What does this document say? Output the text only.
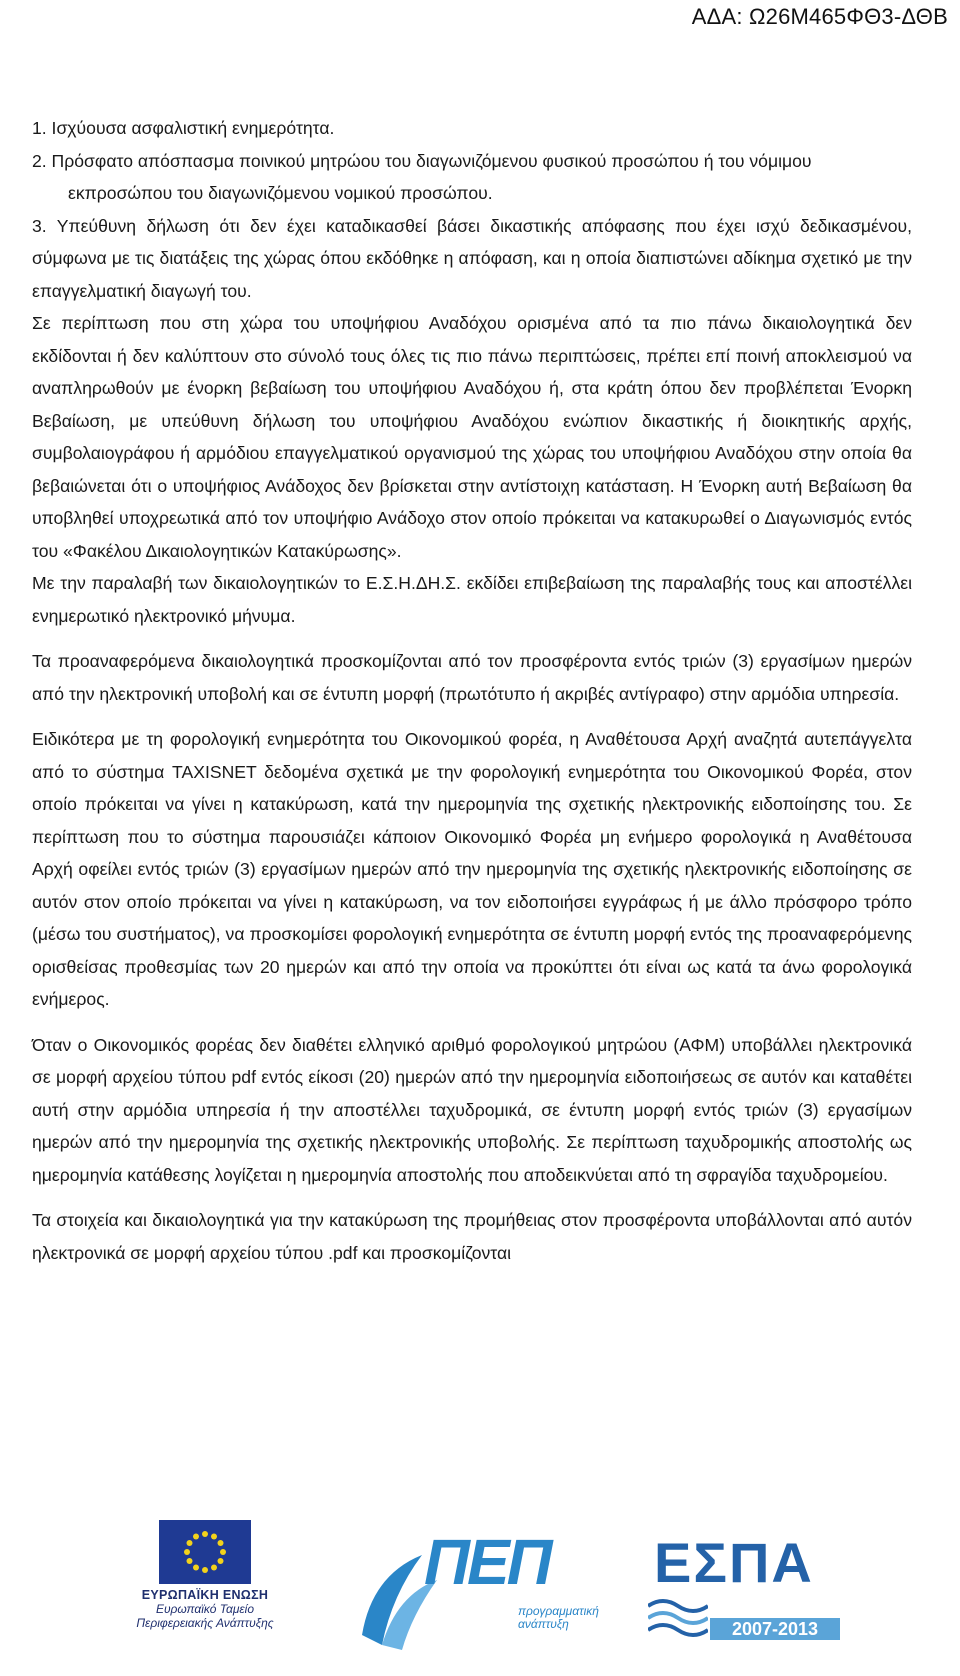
ΑΔΑ: Ω26Μ465ΦΘ3-ΔΘΒ

1. Ισχύουσα ασφαλιστική ενημερότητα.

2. Πρόσφατο απόσπασμα ποινικού μητρώου του διαγωνιζόμενου φυσικού προσώπου ή του νόμιμου εκπροσώπου του διαγωνιζόμενου νομικού προσώπου.

3. Υπεύθυνη δήλωση ότι δεν έχει καταδικασθεί βάσει δικαστικής απόφασης που έχει ισχύ δεδικασμένου, σύμφωνα με τις διατάξεις της χώρας όπου εκδόθηκε η απόφαση, και η οποία διαπιστώνει αδίκημα σχετικό με την επαγγελματική διαγωγή του.

Σε περίπτωση που στη χώρα του υποψήφιου Αναδόχου ορισμένα από τα πιο πάνω δικαιολογητικά δεν εκδίδονται ή δεν καλύπτουν στο σύνολό τους όλες τις πιο πάνω περιπτώσεις, πρέπει επί ποινή αποκλεισμού να αναπληρωθούν με ένορκη βεβαίωση του υποψήφιου Αναδόχου ή, στα κράτη όπου δεν προβλέπεται Ένορκη Βεβαίωση, με υπεύθυνη δήλωση του υποψήφιου Αναδόχου ενώπιον δικαστικής ή διοικητικής αρχής, συμβολαιογράφου ή αρμόδιου επαγγελματικού οργανισμού της χώρας του υποψήφιου Αναδόχου στην οποία θα βεβαιώνεται ότι ο υποψήφιος Ανάδοχος δεν βρίσκεται στην αντίστοιχη κατάσταση. Η Ένορκη αυτή Βεβαίωση θα υποβληθεί υποχρεωτικά από τον υποψήφιο Ανάδοχο στον οποίο πρόκειται να κατακυρωθεί ο Διαγωνισμός εντός του «Φακέλου Δικαιολογητικών Κατακύρωσης».

Με την παραλαβή των δικαιολογητικών το Ε.Σ.Η.ΔΗ.Σ. εκδίδει επιβεβαίωση της παραλαβής τους και αποστέλλει ενημερωτικό ηλεκτρονικό μήνυμα.

Τα προαναφερόμενα δικαιολογητικά προσκομίζονται από τον προσφέροντα εντός τριών (3) εργασίμων ημερών από την ηλεκτρονική υποβολή και σε έντυπη μορφή (πρωτότυπο ή ακριβές αντίγραφο) στην αρμόδια υπηρεσία.

Ειδικότερα με τη φορολογική ενημερότητα του Οικονομικού φορέα, η Αναθέτουσα Αρχή αναζητά αυτεπάγγελτα από το σύστημα TAXISNET δεδομένα σχετικά με την φορολογική ενημερότητα του Οικονομικού Φορέα, στον οποίο πρόκειται να γίνει η κατακύρωση, κατά την ημερομηνία της σχετικής ηλεκτρονικής ειδοποίησης του. Σε περίπτωση που το σύστημα παρουσιάζει κάποιον Οικονομικό Φορέα μη ενήμερο φορολογικά η Αναθέτουσα Αρχή οφείλει εντός τριών (3) εργασίμων ημερών από την ημερομηνία της σχετικής ηλεκτρονικής ειδοποίησης σε αυτόν στον οποίο πρόκειται να γίνει η κατακύρωση, να τον ειδοποιήσει εγγράφως ή με άλλο πρόσφορο τρόπο (μέσω του συστήματος), να προσκομίσει φορολογική ενημερότητα σε έντυπη μορφή εντός της προαναφερόμενης ορισθείσας προθεσμίας των 20 ημερών και από την οποία να προκύπτει ότι είναι ως κατά τα άνω φορολογικά ενήμερος.

Όταν ο Οικονομικός φορέας δεν διαθέτει ελληνικό αριθμό φορολογικού μητρώου (ΑΦΜ) υποβάλλει ηλεκτρονικά σε μορφή αρχείου τύπου pdf εντός είκοσι (20) ημερών από την ημερομηνία ειδοποιήσεως σε αυτόν και καταθέτει αυτή στην αρμόδια υπηρεσία ή την αποστέλλει ταχυδρομικά, σε έντυπη μορφή εντός τριών (3) εργασίμων ημερών από την ημερομηνία της σχετικής ηλεκτρονικής υποβολής. Σε περίπτωση ταχυδρομικής αποστολής ως ημερομηνία κατάθεσης λογίζεται η ημερομηνία αποστολής που αποδεικνύεται από τη σφραγίδα ταχυδρομείου.

Τα στοιχεία και δικαιολογητικά για την κατακύρωση της προμήθειας στον προσφέροντα υποβάλλονται από αυτόν ηλεκτρονικά σε μορφή αρχείου τύπου .pdf και προσκομίζονται

ΕΥΡΩΠΑΪΚΗ ΕΝΩΣΗ
Ευρωπαϊκό Ταμείο
Περιφερειακής Ανάπτυξης
ΠΕΠ
προγραμματική
ανάπτυξη
ΕΣΠΑ
2007-2013
